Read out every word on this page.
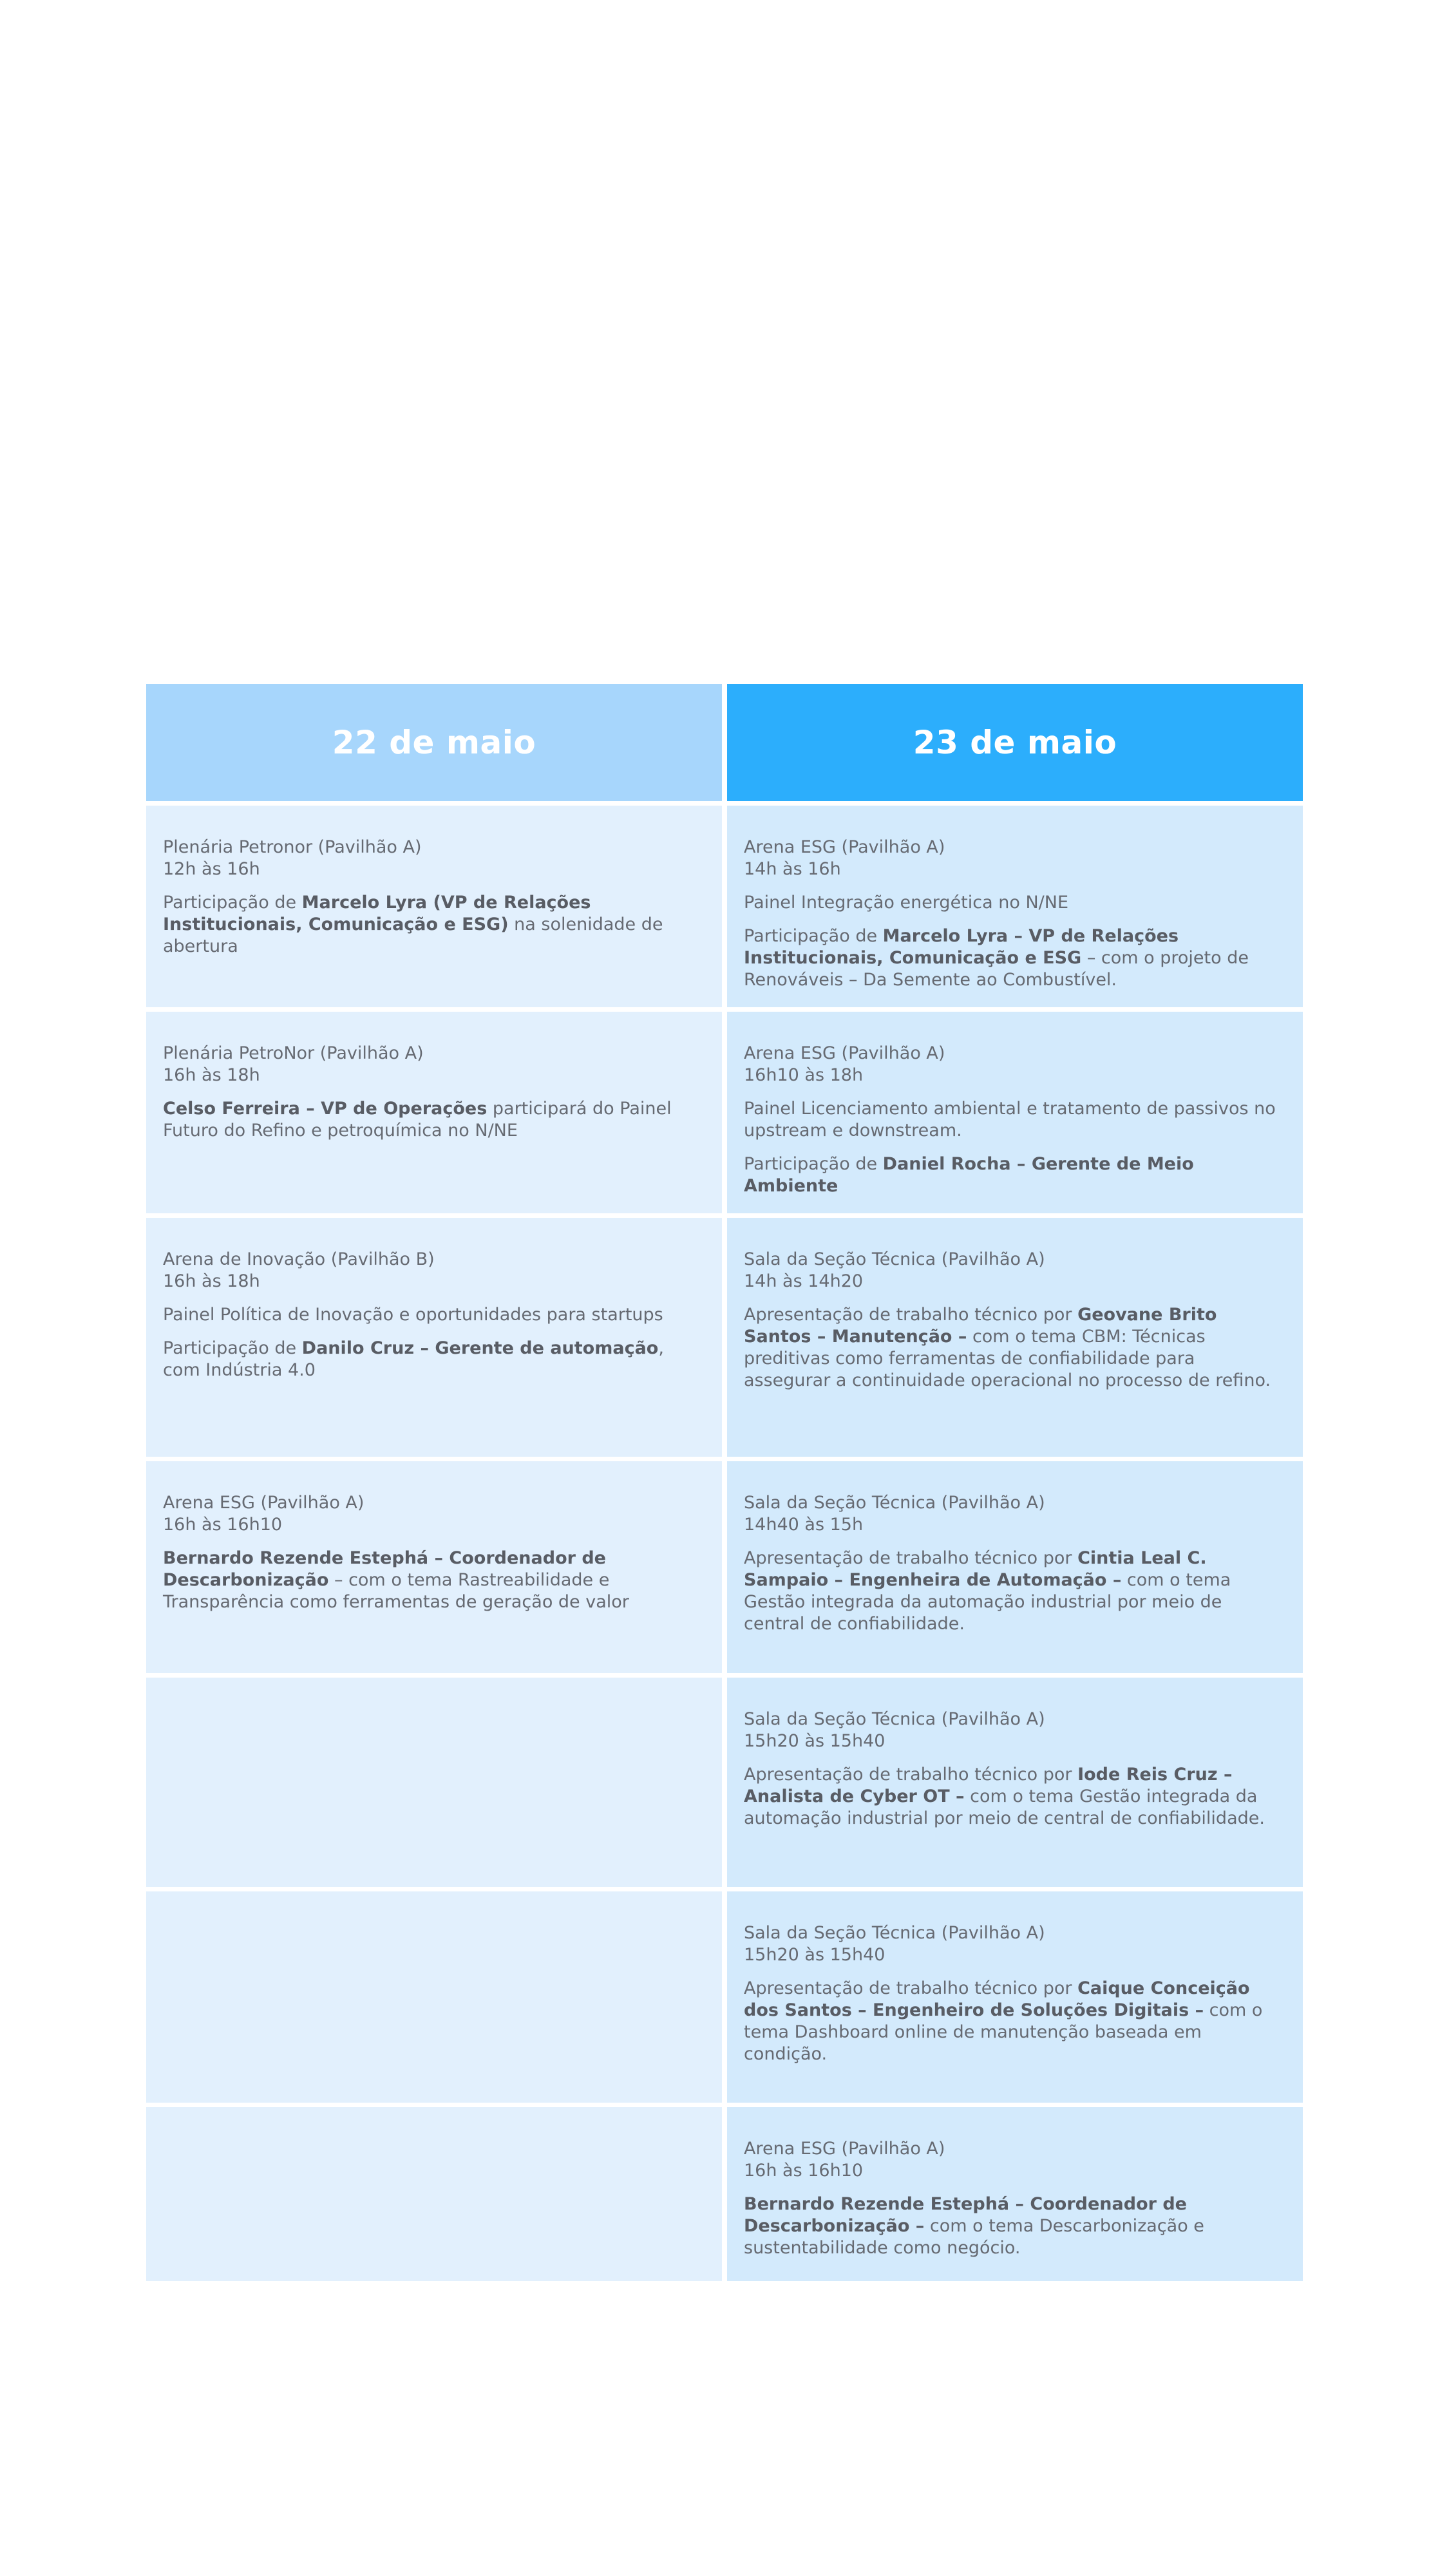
22 de maio	23 de maio

Plenária Petronor (Pavilhão A)

12h às 16h

Participação de Marcelo Lyra (VP de Relações Institucionais, Comunicação e ESG) na solenidade de abertura

Arena ESG (Pavilhão A)

14h às 16h

Painel Integração energética no N/NE

Participação de Marcelo Lyra – VP de Relações Institucionais, Comunicação e ESG – com o projeto de Renováveis – Da Semente ao Combustível.

Plenária PetroNor (Pavilhão A)

16h às 18h

Celso Ferreira – VP de Operações participará do Painel Futuro do Refino e petroquímica no N/NE

Arena ESG (Pavilhão A)

16h10 às 18h

Painel Licenciamento ambiental e tratamento de passivos no upstream e downstream.

Participação de Daniel Rocha – Gerente de Meio Ambiente

Arena de Inovação (Pavilhão B)

16h às 18h

Painel Política de Inovação e oportunidades para startups

Participação de Danilo Cruz – Gerente de automação, com Indústria 4.0

Sala da Seção Técnica (Pavilhão A)

14h às 14h20

Apresentação de trabalho técnico por Geovane Brito Santos – Manutenção – com o tema CBM: Técnicas preditivas como ferramentas de confiabilidade para assegurar a continuidade operacional no processo de refino.

Arena ESG (Pavilhão A)

16h às 16h10

Bernardo Rezende Estephá – Coordenador de Descarbonização – com o tema Rastreabilidade e Transparência como ferramentas de geração de valor

Sala da Seção Técnica (Pavilhão A)

14h40 às 15h

Apresentação de trabalho técnico por Cintia Leal C. Sampaio – Engenheira de Automação – com o tema Gestão integrada da automação industrial por meio de central de confiabilidade.

Sala da Seção Técnica (Pavilhão A)

15h20 às 15h40

Apresentação de trabalho técnico por Iode Reis Cruz – Analista de Cyber OT – com o tema Gestão integrada da automação industrial por meio de central de confiabilidade.

Sala da Seção Técnica (Pavilhão A)

15h20 às 15h40

Apresentação de trabalho técnico por Caique Conceição dos Santos – Engenheiro de Soluções Digitais – com o tema Dashboard online de manutenção baseada em condição.

Arena ESG (Pavilhão A)

16h às 16h10

Bernardo Rezende Estephá – Coordenador de Descarbonização – com o tema Descarbonização e sustentabilidade como negócio.
